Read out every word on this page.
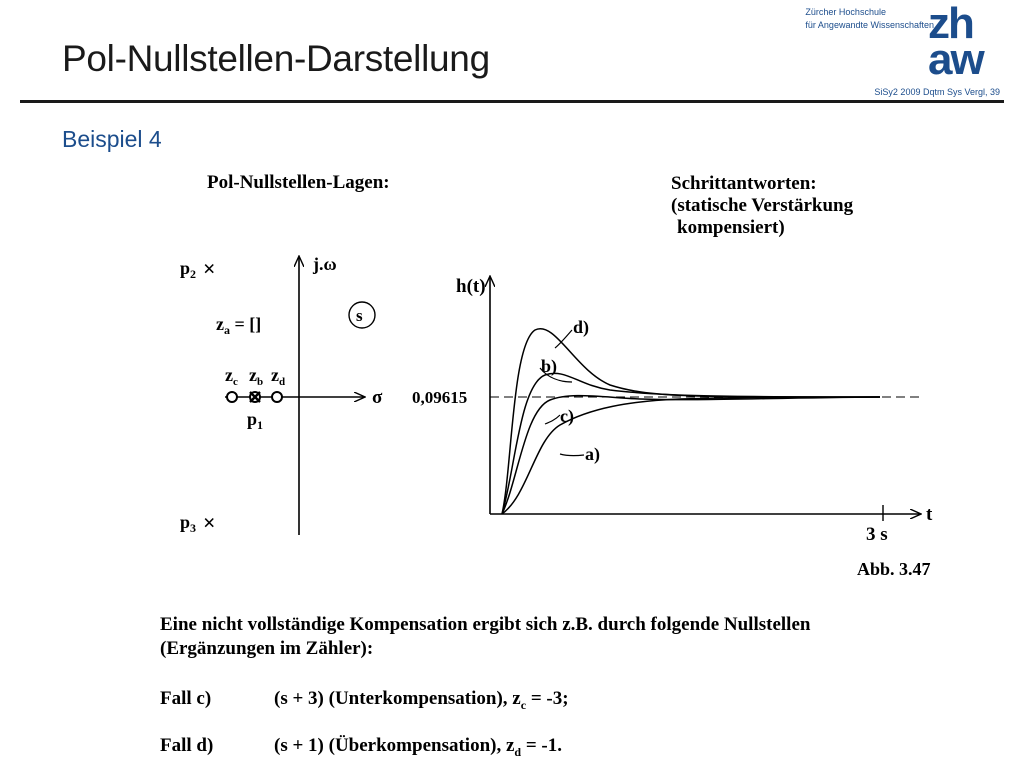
Pol-Nullstellen-Darstellung
Zürcher Hochschule
für Angewandte Wissenschaften
zh
aw
SiSy2 2009 Dqtm Sys Vergl, 39
Beispiel 4
Pol-Nullstellen-Lagen:	Schrittantworten:
(statische Verstärkung
kompensiert)
j.ω
σ
s
$p_2$ ×
$p_3$ ×
$z_a$ = []
$z_c$ $z_b$ $z_d$
$p_1$
h(t)
t
3 s
0,09615
d)
b)
c)
a)
Abb. 3.47
Eine nicht vollständige Kompensation ergibt sich z.B. durch folgende Nullstellen
(Ergänzungen im Zähler):
Fall c)	(s + 3) (Unterkompensation), $z_c = -3$;
Fall d)	(s + 1) (Überkompensation), $z_d = -1$.
